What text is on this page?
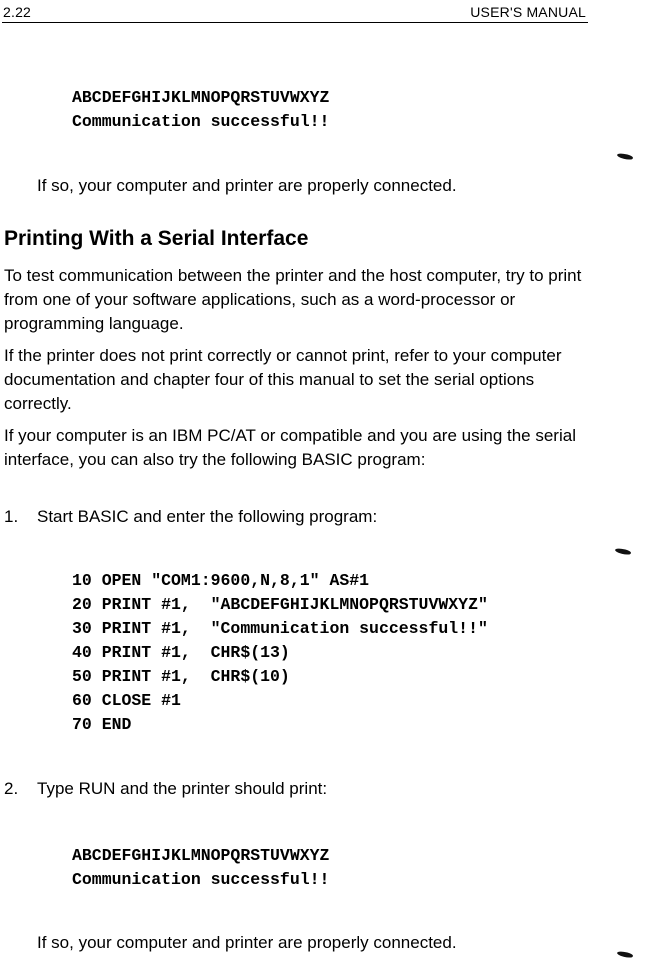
2.22	USER'S MANUAL
ABCDEFGHIJKLMNOPQRSTUVWXYZ
Communication successful!!

If so, your computer and printer are properly connected.

Printing With a Serial Interface

To test communication between the printer and the host computer, try to print from one of your software applications, such as a word-processor or programming language.

If the printer does not print correctly or cannot print, refer to your computer documentation and chapter four of this manual to set the serial options correctly.

If your computer is an IBM PC/AT or compatible and you are using the serial interface, you can also try the following BASIC program:

1. Start BASIC and enter the following program:
10 OPEN "COM1:9600,N,8,1" AS#1
20 PRINT #1,  "ABCDEFGHIJKLMNOPQRSTUVWXYZ"
30 PRINT #1,  "Communication successful!!"
40 PRINT #1,  CHR$(13)
50 PRINT #1,  CHR$(10)
60 CLOSE #1
70 END
2. Type RUN and the printer should print:
ABCDEFGHIJKLMNOPQRSTUVWXYZ
Communication successful!!

If so, your computer and printer are properly connected.
